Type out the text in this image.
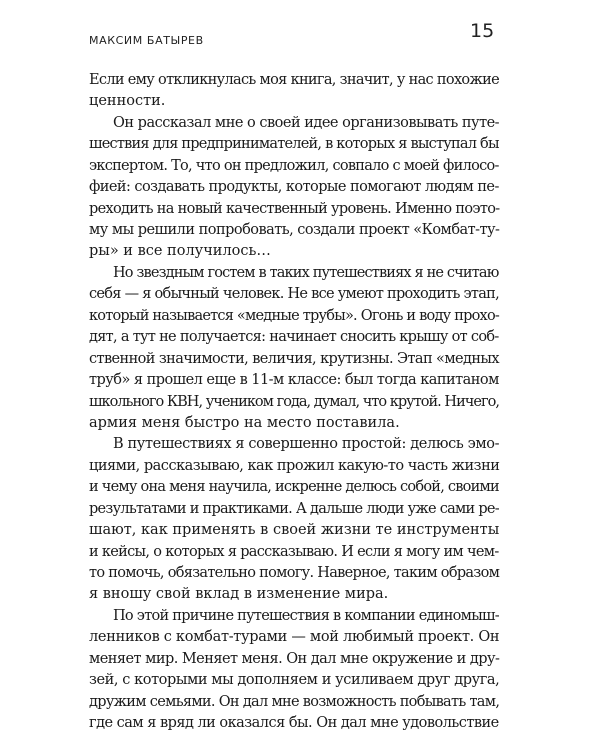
МАКСИМ БАТЫРЕВ	15
Если ему откликнулась моя книга, значит, у нас похожие
ценности.
Он рассказал мне о своей идее организовывать путе-
шествия для предпринимателей, в которых я выступал бы
экспертом. То, что он предложил, совпало с моей филосо-
фией: создавать продукты, которые помогают людям пе-
реходить на новый качественный уровень. Именно поэто-
му мы решили попробовать, создали проект «Комбат-ту-
ры» и все получилось…
Но звездным гостем в таких путешествиях я не считаю
себя — я обычный человек. Не все умеют проходить этап,
который называется «медные трубы». Огонь и воду прохо-
дят, а тут не получается: начинает сносить крышу от соб-
ственной значимости, величия, крутизны. Этап «медных
труб» я прошел еще в 11-м классе: был тогда капитаном
школьного КВН, учеником года, думал, что крутой. Ничего,
армия меня быстро на место поставила.
В путешествиях я совершенно простой: делюсь эмо-
циями, рассказываю, как прожил какую-то часть жизни
и чему она меня научила, искренне делюсь собой, своими
результатами и практиками. А дальше люди уже сами ре-
шают, как применять в своей жизни те инструменты
и кейсы, о которых я рассказываю. И если я могу им чем-
то помочь, обязательно помогу. Наверное, таким образом
я вношу свой вклад в изменение мира.
По этой причине путешествия в компании единомыш-
ленников с комбат-турами — мой любимый проект. Он
меняет мир. Меняет меня. Он дал мне окружение и дру-
зей, с которыми мы дополняем и усиливаем друг друга,
дружим семьями. Он дал мне возможность побывать там,
где сам я вряд ли оказался бы. Он дал мне удовольствие
